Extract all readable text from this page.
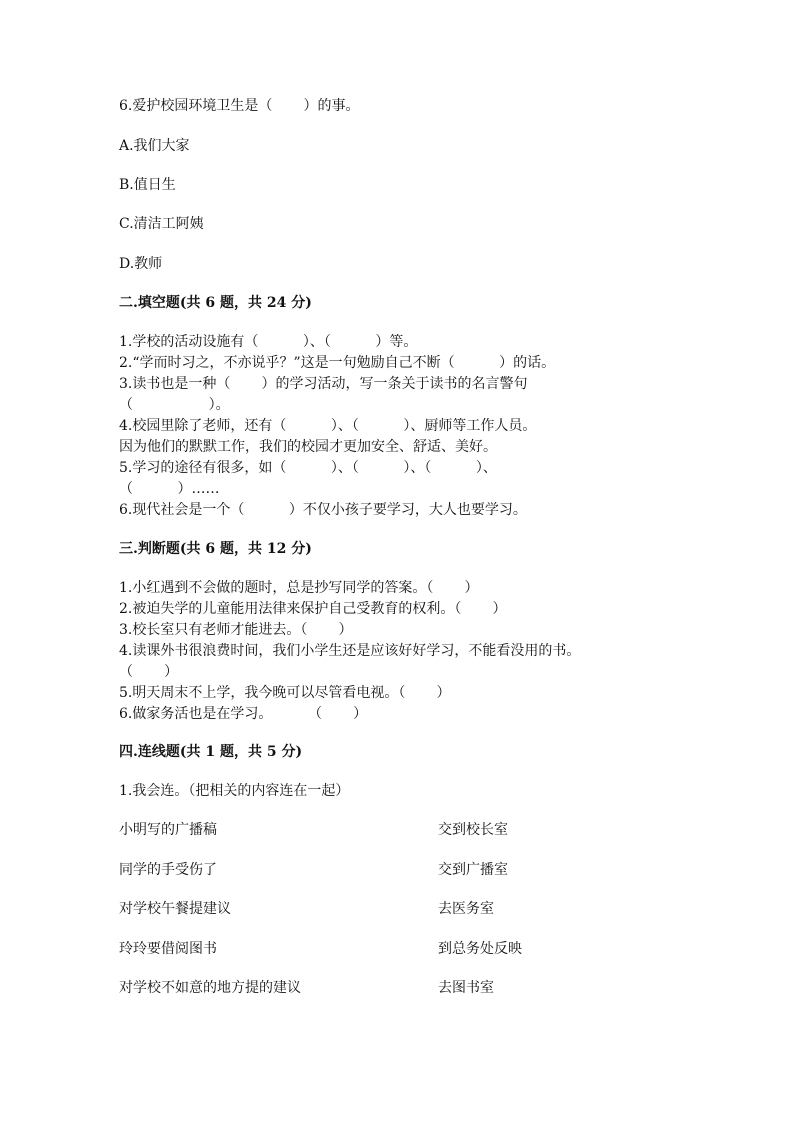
6.爱护校园环境卫生是（       ）的事。
A.我们大家
B.值日生
C.清洁工阿姨
D.教师
二.填空题(共 6 题，共 24 分)
1.学校的活动设施有（          ）、（          ）等。
2.“学而时习之，不亦说乎？”这是一句勉励自己不断（          ）的话。
3.读书也是一种（       ）的学习活动，写一条关于读书的名言警句
（                 ）。
4.校园里除了老师，还有（          ）、（          ）、厨师等工作人员。
因为他们的默默工作，我们的校园才更加安全、舒适、美好。
5.学习的途径有很多，如（          ）、（          ）、（          ）、
（          ）……
6.现代社会是一个（          ）不仅小孩子要学习，大人也要学习。
三.判断题(共 6 题，共 12 分)
1.小红遇到不会做的题时，总是抄写同学的答案。（       ）
2.被迫失学的儿童能用法律来保护自己受教育的权利。（       ）
3.校长室只有老师才能进去。（       ）
4.读课外书很浪费时间，我们小学生还是应该好好学习，不能看没用的书。
（       ）
5.明天周末不上学，我今晚可以尽管看电视。（       ）
6.做家务活也是在学习。        （       ）
四.连线题(共 1 题，共 5 分)
1.我会连。（把相关的内容连在一起）
小明写的广播稿	交到校长室
同学的手受伤了	交到广播室
对学校午餐提建议	去医务室
玲玲要借阅图书	到总务处反映
对学校不如意的地方提的建议	去图书室
